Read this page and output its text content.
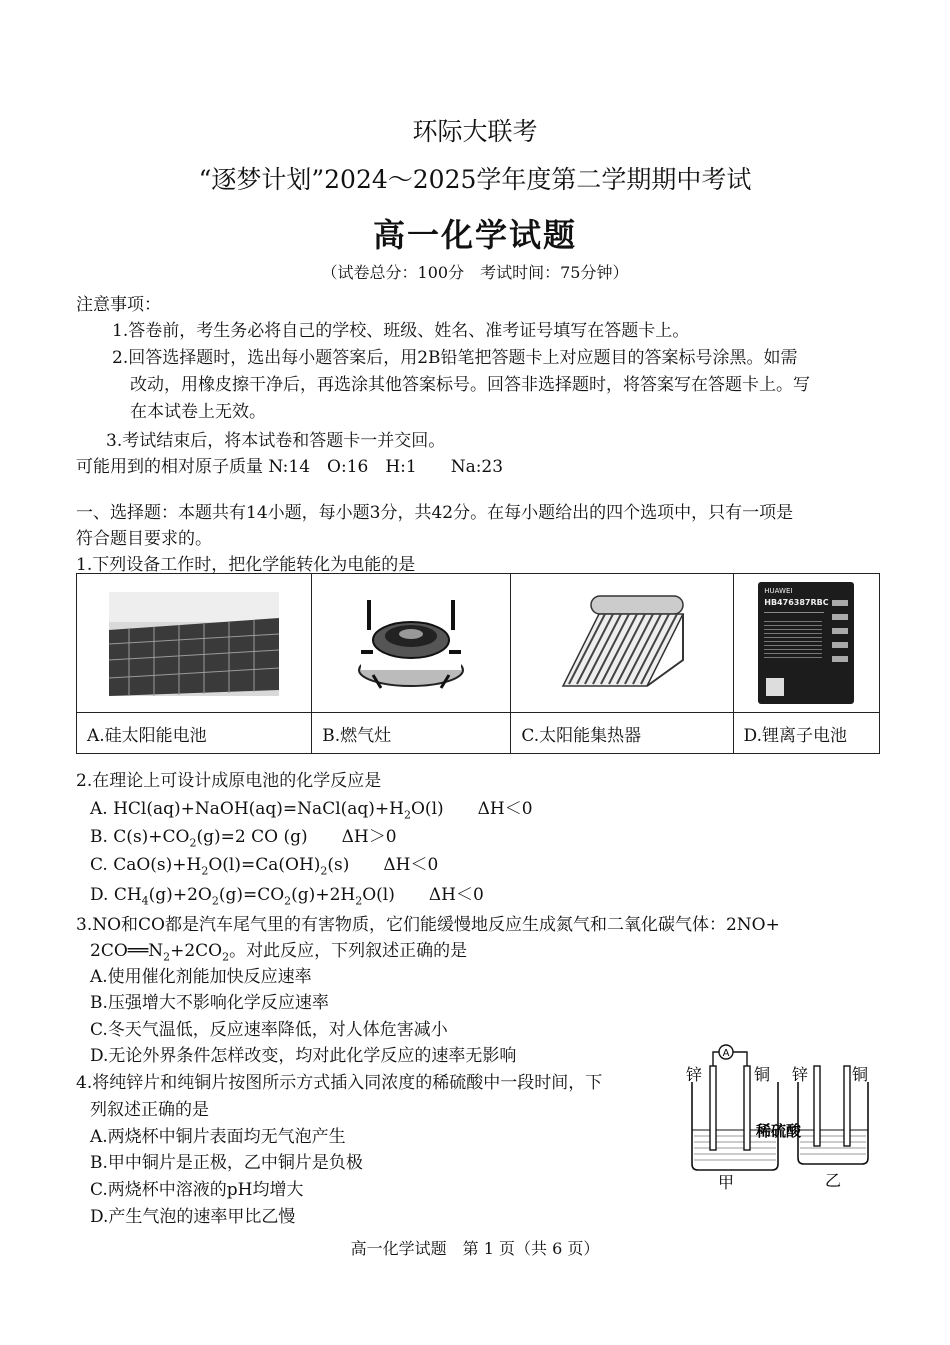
环际大联考
“逐梦计划”2024～2025学年度第二学期期中考试
高一化学试题
（试卷总分：100分　考试时间：75分钟）
注意事项：
1.答卷前，考生务必将自己的学校、班级、姓名、准考证号填写在答题卡上。
2.回答选择题时，选出每小题答案后，用2B铅笔把答题卡上对应题目的答案标号涂黑。如需
改动，用橡皮擦干净后，再选涂其他答案标号。回答非选择题时，将答案写在答题卡上。写
在本试卷上无效。
3.考试结束后，将本试卷和答题卡一并交回。
可能用到的相对原子质量 N:14　O:16　H:1　　Na:23
一、选择题：本题共有14小题，每小题3分，共42分。在每小题给出的四个选项中，只有一项是
符合题目要求的。
1.下列设备工作时，把化学能转化为电能的是

HUAWEI
HB476387RBC

A.硅太阳能电池	B.燃气灶	C.太阳能集热器	D.锂离子电池
2.在理论上可设计成原电池的化学反应是
A. $HCl(aq)+NaOH(aq)=NaCl(aq)+H_2O(l)$　　ΔH＜0
B. $C(s)+CO_2(g)=2$ CO (g)　　ΔH＞0
C. $CaO(s)+H_2O(l)=Ca(OH)_2(s)$　　ΔH＜0
D. $CH_4(g)+2O_2(g)=CO_2(g)+2H_2O(l)$　　ΔH＜0
3.NO和CO都是汽车尾气里的有害物质，它们能缓慢地反应生成氮气和二氧化碳气体：2NO+
$2CO══N_2+2CO_2$。对此反应，下列叙述正确的是
A.使用催化剂能加快反应速率
B.压强增大不影响化学反应速率
C.冬天气温低，反应速率降低，对人体危害减小
D.无论外界条件怎样改变，均对此化学反应的速率无影响
4.将纯锌片和纯铜片按图所示方式插入同浓度的稀硫酸中一段时间，下
列叙述正确的是
A.两烧杯中铜片表面均无气泡产生
B.甲中铜片是正极，乙中铜片是负极
C.两烧杯中溶液的pH均增大
D.产生气泡的速率甲比乙慢
A
锌	铜
甲
锌	铜
乙
稀硫酸
高一化学试题　第 1 页（共 6 页）
